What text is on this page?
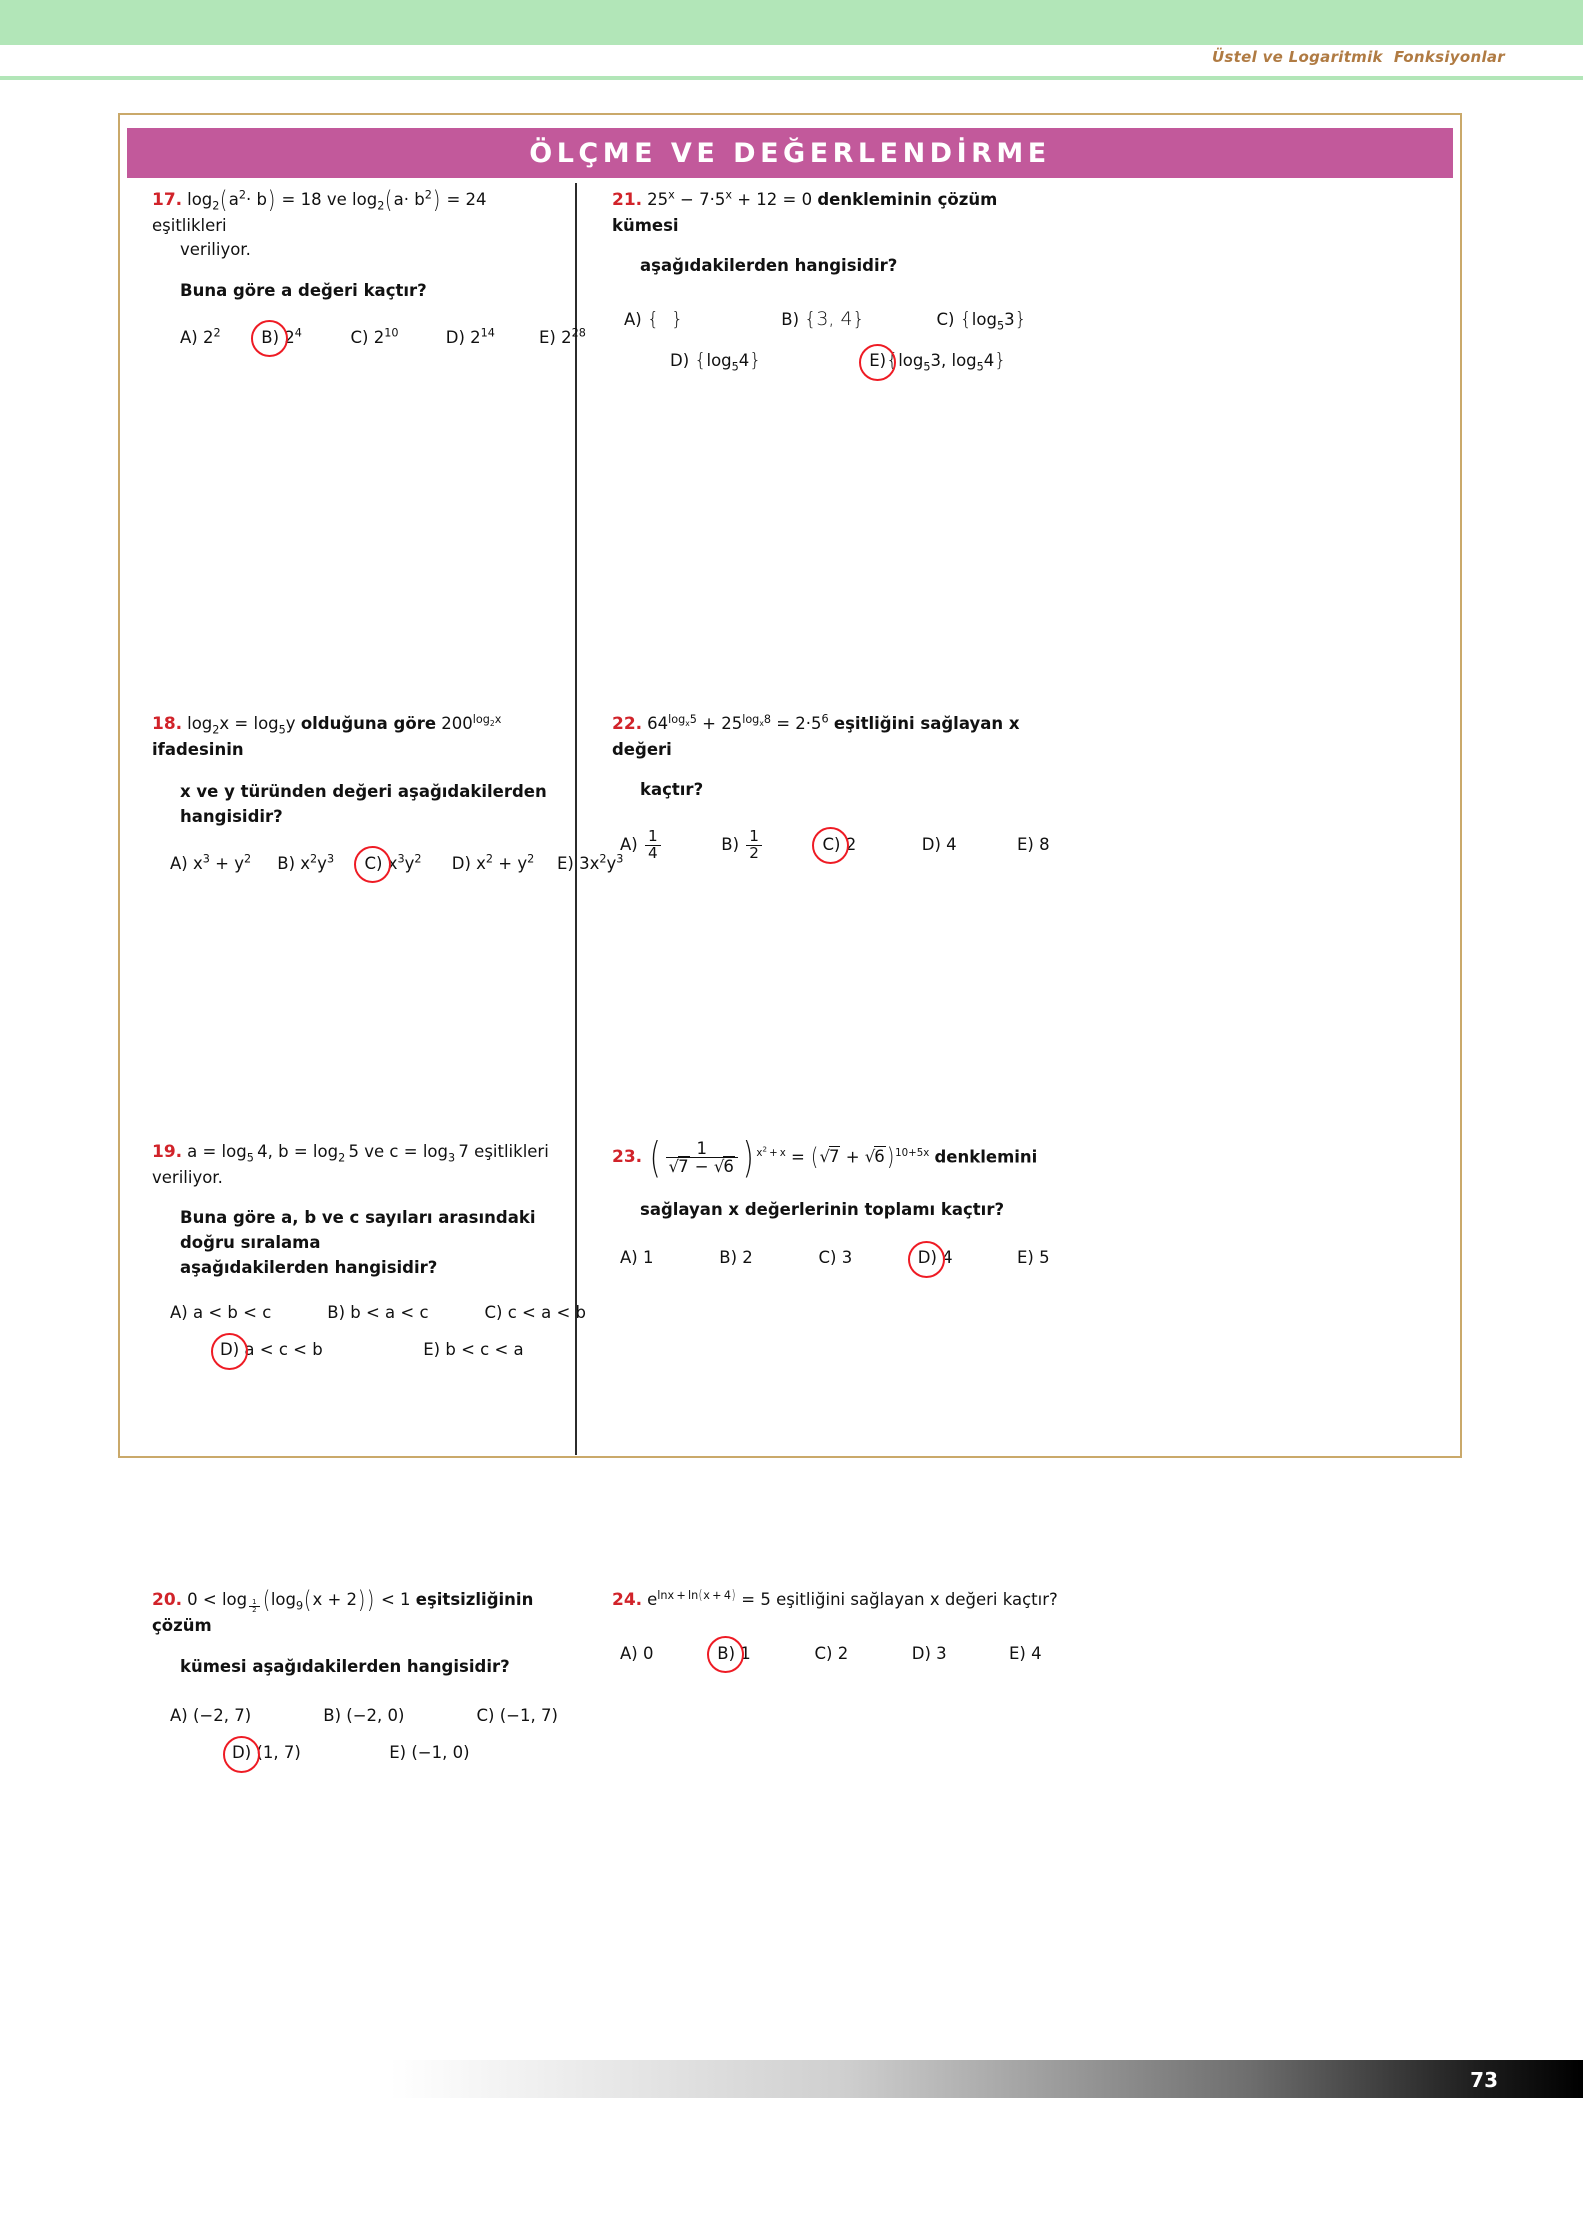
Üstel ve Logaritmik  Fonksiyonlar
ÖLÇME VE DEĞERLENDİRME
17. $\log_2(a^2\cdot b) = 18$ ve $\log_2(a\cdot b^2) = 24$ eşitlikleri
veriliyor.
Buna göre a değeri kaçtır?
A) $2^2$ B) $2^4$	C) $2^{10}$	D) $2^{14}$	E) $2^{28}$
18. $\log_2x = \log_5y$ olduğuna göre $200^{log_2x}$ ifadesinin
x ve y türünden değeri aşağıdakilerden hangisidir?
A) $x^3 + y^2$ B) $x^2y^3$ C) $x^3y^2$ D) $x^2 + y^2$ E) $3x^2y^3$
19. $a = \log_5 4$, $b = \log_2 5$ ve $c = \log_3 7$ eşitlikleri veriliyor.
Buna göre a, b ve c sayıları arasındaki doğru sıralama
aşağıdakilerden hangisidir?
A) a < b < c	B) b < a < c	C) c < a < b
D) a < c < b	E) b < c < a
20. 0 < log $_{\frac{1}{2}}$ $(\log_9(x + 2)) < 1$ eşitsizliğinin çözüm
kümesi aşağıdakilerden hangisidir?
A) (−2, 7)	B) (−2, 0)	C) (−1, 7)
D) (1, 7)	E) (−1, 0)
21. $25^x - 7\cdot 5^x + 12 = 0$ denkleminin çözüm kümesi
aşağıdakilerden hangisidir?
A) {  }	B) {3, 4}	C) $\{\log_53\}$
D) $\{\log_54\}$	$E)\{\log_53$, $\log_54$}
22. $64^{log_x5} + 25^{log_x8} = 2\cdot 5^6$ eşitliğini sağlayan x değeri
kaçtır?
$A) \frac{1}{4}$	$B) \frac{1}{2}$	C) 2	D) 4	E) 8
23. ( $\frac{1}{√7 - √6}$ ) $^{x^2 + x} = (√7 + √6)^{10+5x}$ denklemini
sağlayan x değerlerinin toplamı kaçtır?
A) 1	B) 2	C) 3	D) 4	E) 5
24. $e^{lnx + ln(x + 4)} = 5$ eşitliğini sağlayan x değeri kaçtır?
A) 0	B) 1	C) 2	D) 3	E) 4
73
